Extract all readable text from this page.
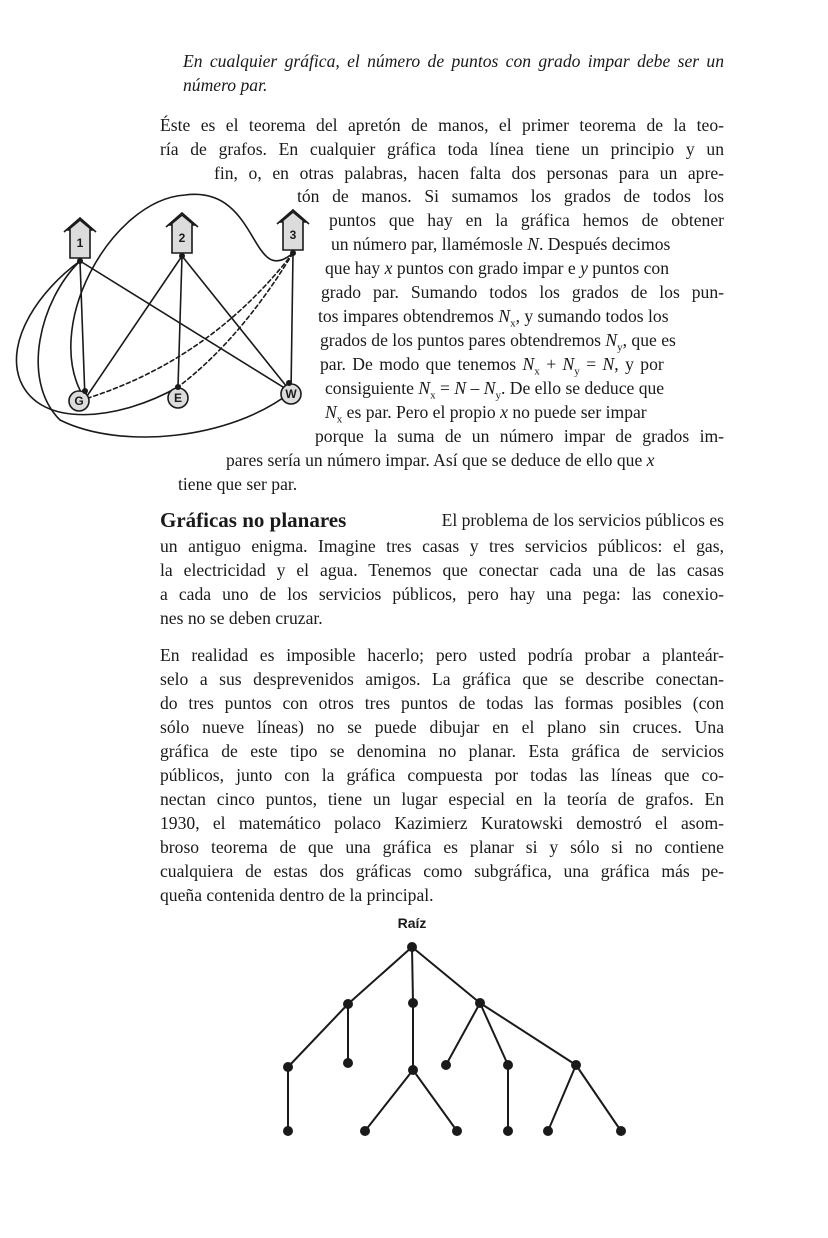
En cualquier gráfica, el número de puntos con grado impar debe ser un
número par.
Éste es el teorema del apretón de manos, el primer teorema de la teo-
ría de grafos. En cualquier gráfica toda línea tiene un principio y un
fin, o, en otras palabras, hacen falta dos personas para un apre-
tón de manos. Si sumamos los grados de todos los
puntos que hay en la gráfica hemos de obtener
un número par, llamémosle N. Después decimos
que hay x puntos con grado impar e y puntos con
grado par. Sumando todos los grados de los pun-
tos impares obtendremos $N_x$, y sumando todos los
grados de los puntos pares obtendremos $N_y$, que es
par. De modo que tenemos $N_x + N_y = N$, y por
consiguiente $N_x = N - N_y$. De ello se deduce que
$N_x$ es par. Pero el propio x no puede ser impar
porque la suma de un número impar de grados im-
pares sería un número impar. Así que se deduce de ello que x
tiene que ser par.
Gráficas no planares	El problema de los servicios públicos es
un antiguo enigma. Imagine tres casas y tres servicios públicos: el gas,
la electricidad y el agua. Tenemos que conectar cada una de las casas
a cada uno de los servicios públicos, pero hay una pega: las conexio-
nes no se deben cruzar.
En realidad es imposible hacerlo; pero usted podría probar a planteár-
selo a sus desprevenidos amigos. La gráfica que se describe conectan-
do tres puntos con otros tres puntos de todas las formas posibles (con
sólo nueve líneas) no se puede dibujar en el plano sin cruces. Una
gráfica de este tipo se denomina no planar. Esta gráfica de servicios
públicos, junto con la gráfica compuesta por todas las líneas que co-
nectan cinco puntos, tiene un lugar especial en la teoría de grafos. En
1930, el matemático polaco Kazimierz Kuratowski demostró el asom-
broso teorema de que una gráfica es planar si y sólo si no contiene
cualquiera de estas dos gráficas como subgráfica, una gráfica más pe-
queña contenida dentro de la principal.
1	2	3
G	E	W
Raíz
